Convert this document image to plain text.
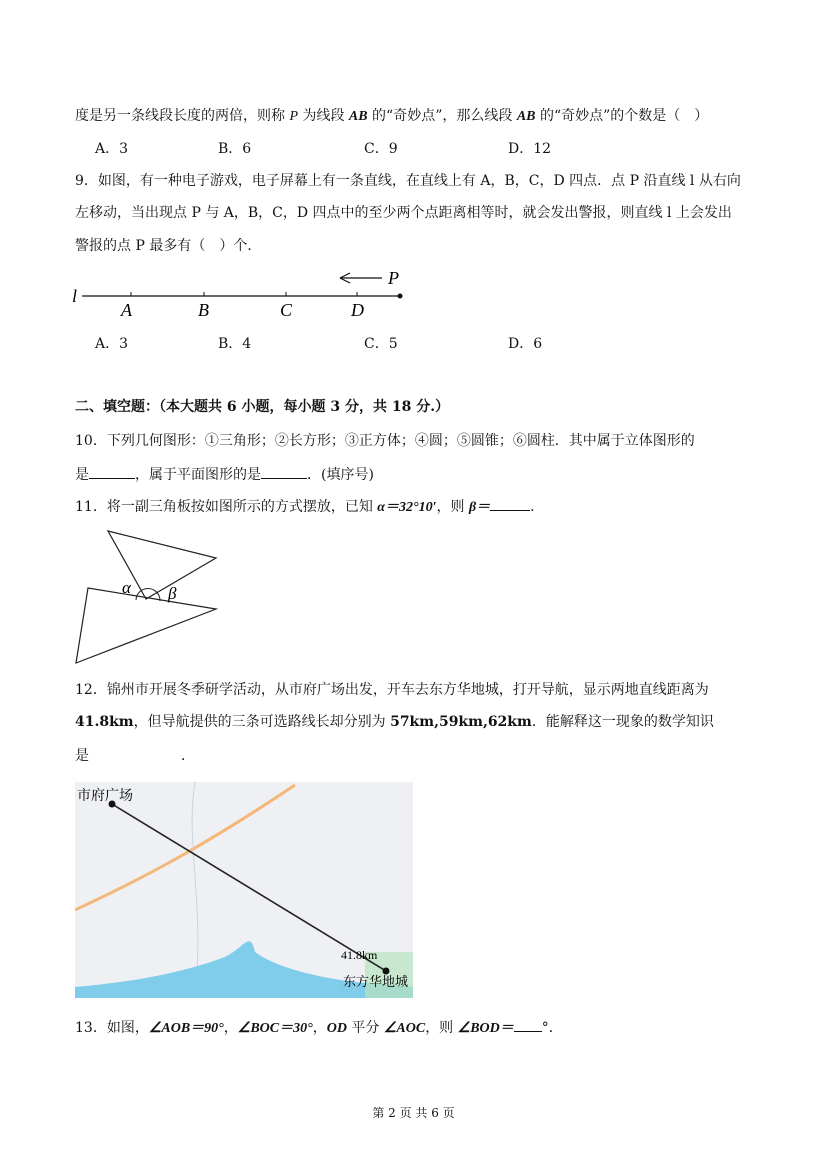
度是另一条线段长度的两倍，则称 P 为线段 AB 的“奇妙点”，那么线段 AB 的“奇妙点”的个数是（　）
A．3	B．6	C．9	D．12
9．如图，有一种电子游戏，电子屏幕上有一条直线，在直线上有 A，B，C，D 四点．点 P 沿直线 l 从右向
左移动，当出现点 P 与 A，B，C，D 四点中的至少两个点距离相等时，就会发出警报，则直线 l 上会发出
警报的点 P 最多有（　）个．
l
P
A	B	C	D
A．3	B．4	C．5	D．6
二、填空题：（本大题共 6 小题，每小题 3 分，共 18 分.）
10．下列几何图形：①三角形；②长方形；③正方体；④圆；⑤圆锥；⑥圆柱．其中属于立体图形的
是	，属于平面图形的是	．(填序号)
11．将一副三角板按如图所示的方式摆放，已知 α＝32°10′，则 β＝	．
α β
12．锦州市开展冬季研学活动，从市府广场出发，开车去东方华地城，打开导航，显示两地直线距离为
41.8km，但导航提供的三条可选路线长却分别为 57km,59km,62km．能解释这一现象的数学知识
是	．
市府广场
41.8km
东方华地城
13．如图，∠AOB＝90°，∠BOC＝30°，OD 平分 ∠AOC，则 ∠BOD＝ °．
第 2 页 共 6 页
